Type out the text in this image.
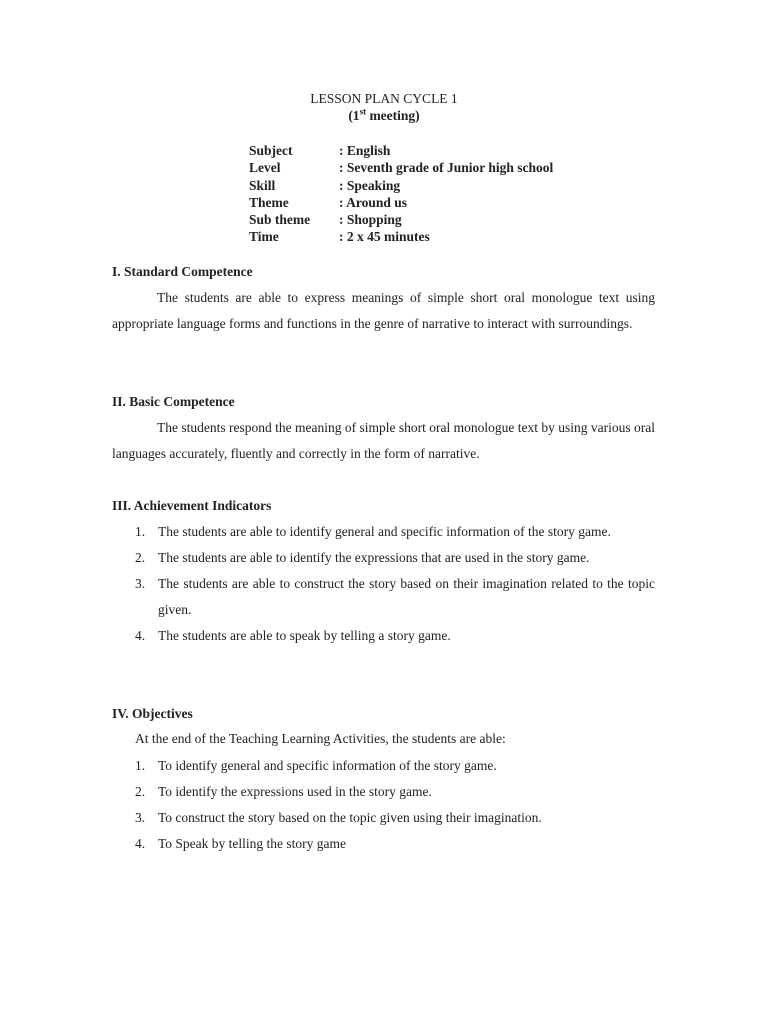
LESSON PLAN CYCLE 1
(1st meeting)
Subject	: English
Level	: Seventh grade of Junior high school
Skill	: Speaking
Theme	: Around us
Sub theme : Shopping
Time	: 2 x 45 minutes
I. Standard Competence
The students are able to express meanings of simple short oral monologue text using appropriate language forms and functions in the genre of narrative to interact with surroundings.
II. Basic Competence
The students respond the meaning of simple short oral monologue text by using various oral languages accurately, fluently and correctly in the form of narrative.
III. Achievement Indicators
1. The students are able to identify general and specific information of the story game.
2. The students are able to identify the expressions that are used in the story game.
3. The students are able to construct the story based on their imagination related to the topic given.
4. The students are able to speak by telling a story game.
IV. Objectives
At the end of the Teaching Learning Activities, the students are able:
1. To identify general and specific information of the story game.
2. To identify the expressions used in the story game.
3. To construct the story based on the topic given using their imagination.
4. To Speak by telling the story game
